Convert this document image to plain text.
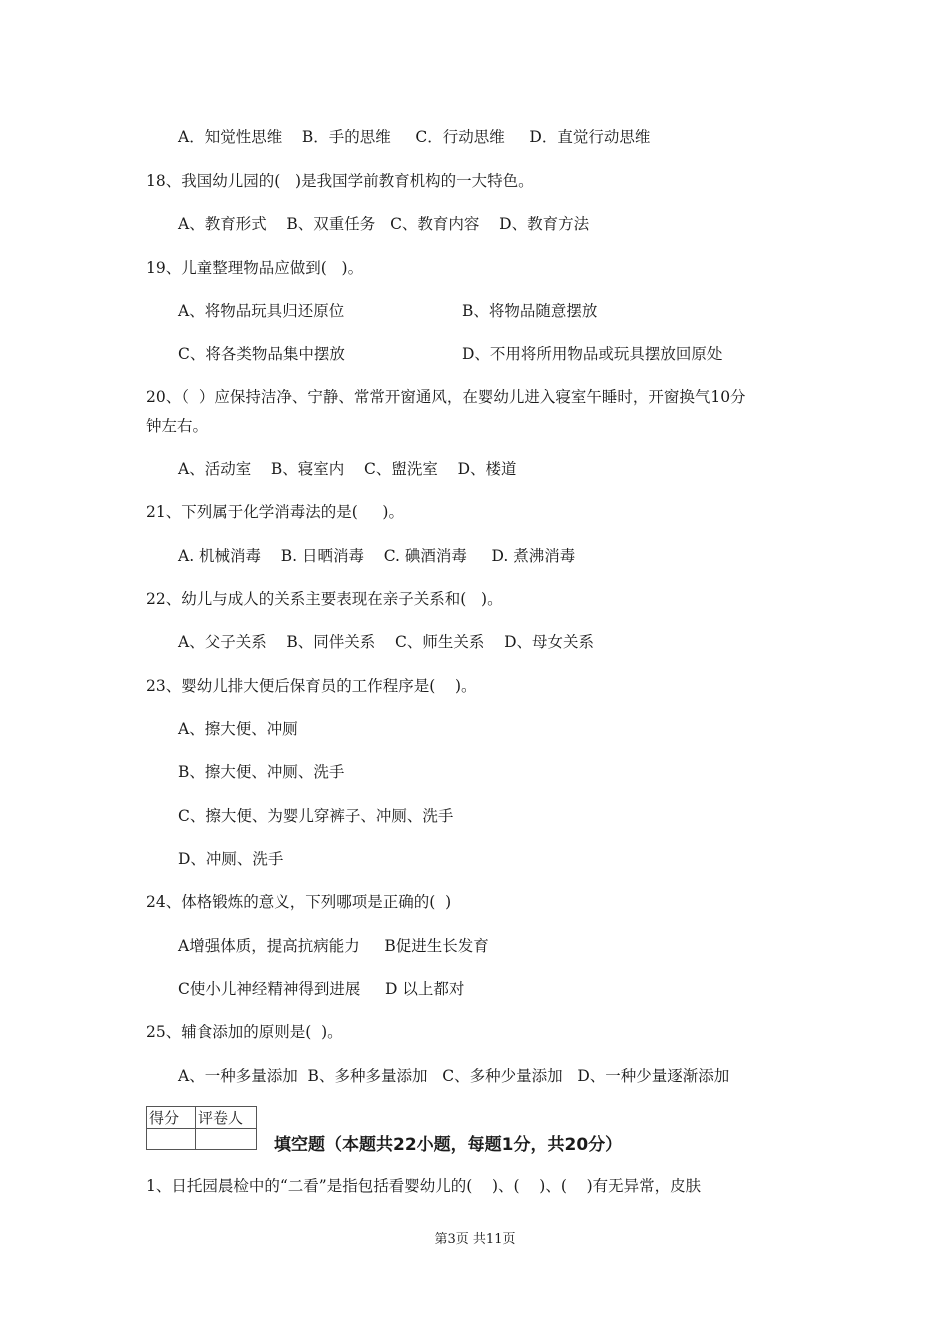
A．知觉性思维    B．手的思维     C．行动思维     D．直觉行动思维
18、我国幼儿园的(   )是我国学前教育机构的一大特色。
A、教育形式    B、双重任务   C、教育内容    D、教育方法
19、儿童整理物品应做到(   )。
A、将物品玩具归还原位	B、将物品随意摆放
C、将各类物品集中摆放	D、不用将所用物品或玩具摆放回原处
20、（  ）应保持洁净、宁静、常常开窗通风，在婴幼儿进入寝室午睡时，开窗换气10分
钟左右。
A、活动室    B、寝室内    C、盥洗室    D、楼道
21、下列属于化学消毒法的是(     )。
A. 机械消毒    B. 日晒消毒    C. 碘酒消毒     D. 煮沸消毒
22、幼儿与成人的关系主要表现在亲子关系和(   )。
A、父子关系    B、同伴关系    C、师生关系    D、母女关系
23、婴幼儿排大便后保育员的工作程序是(    )。
A、擦大便、冲厕
B、擦大便、冲厕、洗手
C、擦大便、为婴儿穿裤子、冲厕、洗手
D、冲厕、洗手
24、体格锻炼的意义，下列哪项是正确的(  )
A增强体质，提高抗病能力     B促进生长发育
C使小儿神经精神得到进展     D 以上都对
25、辅食添加的原则是(  )。
A、一种多量添加  B、多种多量添加   C、多种少量添加   D、一种少量逐渐添加
得分	评卷人

填空题（本题共22小题，每题1分，共20分）
1、日托园晨检中的“二看”是指包括看婴幼儿的(    )、(    )、(    )有无异常，皮肤
第3页 共11页
